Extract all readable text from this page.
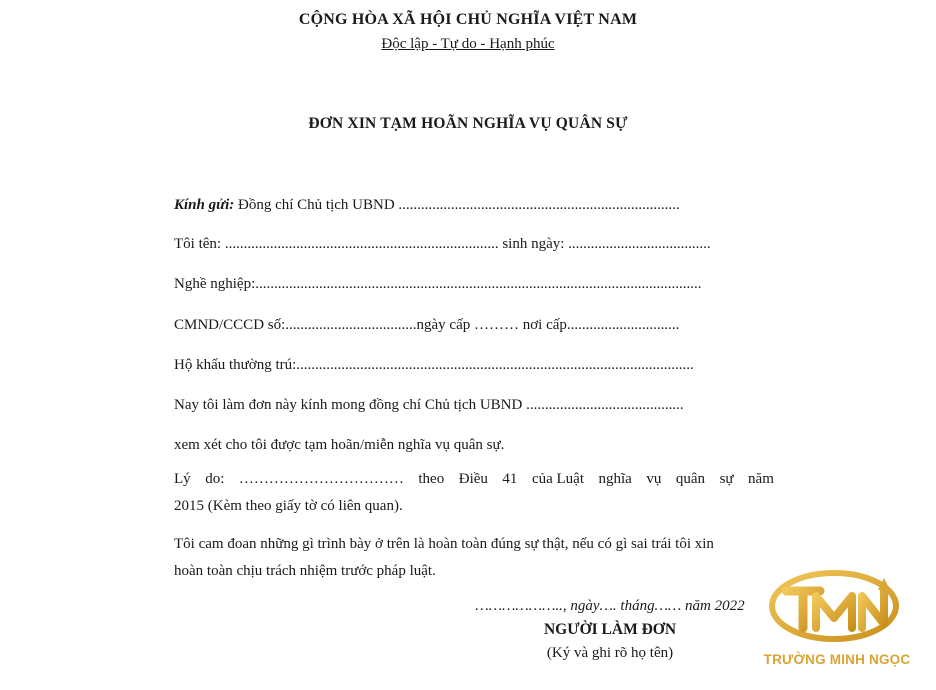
CỘNG HÒA XÃ HỘI CHỦ NGHĨA VIỆT NAM
Độc lập - Tự do - Hạnh phúc
ĐƠN XIN TẠM HOÃN NGHĨA VỤ QUÂN SỰ
Kính gửi: Đồng chí Chủ tịch UBND ...........................................................................
Tôi tên: ......................................................................... sinh ngày: ......................................
Nghề nghiệp:.......................................................................................................................
CMND/CCCD số:...................................ngày cấp ……… nơi cấp..............................
Hộ khẩu thường trú:..........................................................................................................
Nay tôi làm đơn này kính mong đồng chí Chủ tịch UBND ..........................................
xem xét cho tôi được tạm hoãn/miễn nghĩa vụ quân sự.
Lý do: …………………………… theo Điều 41 của Luật nghĩa vụ quân sự năm
2015 (Kèm theo giấy tờ có liên quan).
Tôi cam đoan những gì trình bày ở trên là hoàn toàn đúng sự thật, nếu có gì sai trái tôi xin
hoàn toàn chịu trách nhiệm trước pháp luật.
……………….., ngày…. tháng…… năm 2022
NGƯỜI LÀM ĐƠN
(Ký và ghi rõ họ tên)	TRƯỜNG MINH NGỌC
